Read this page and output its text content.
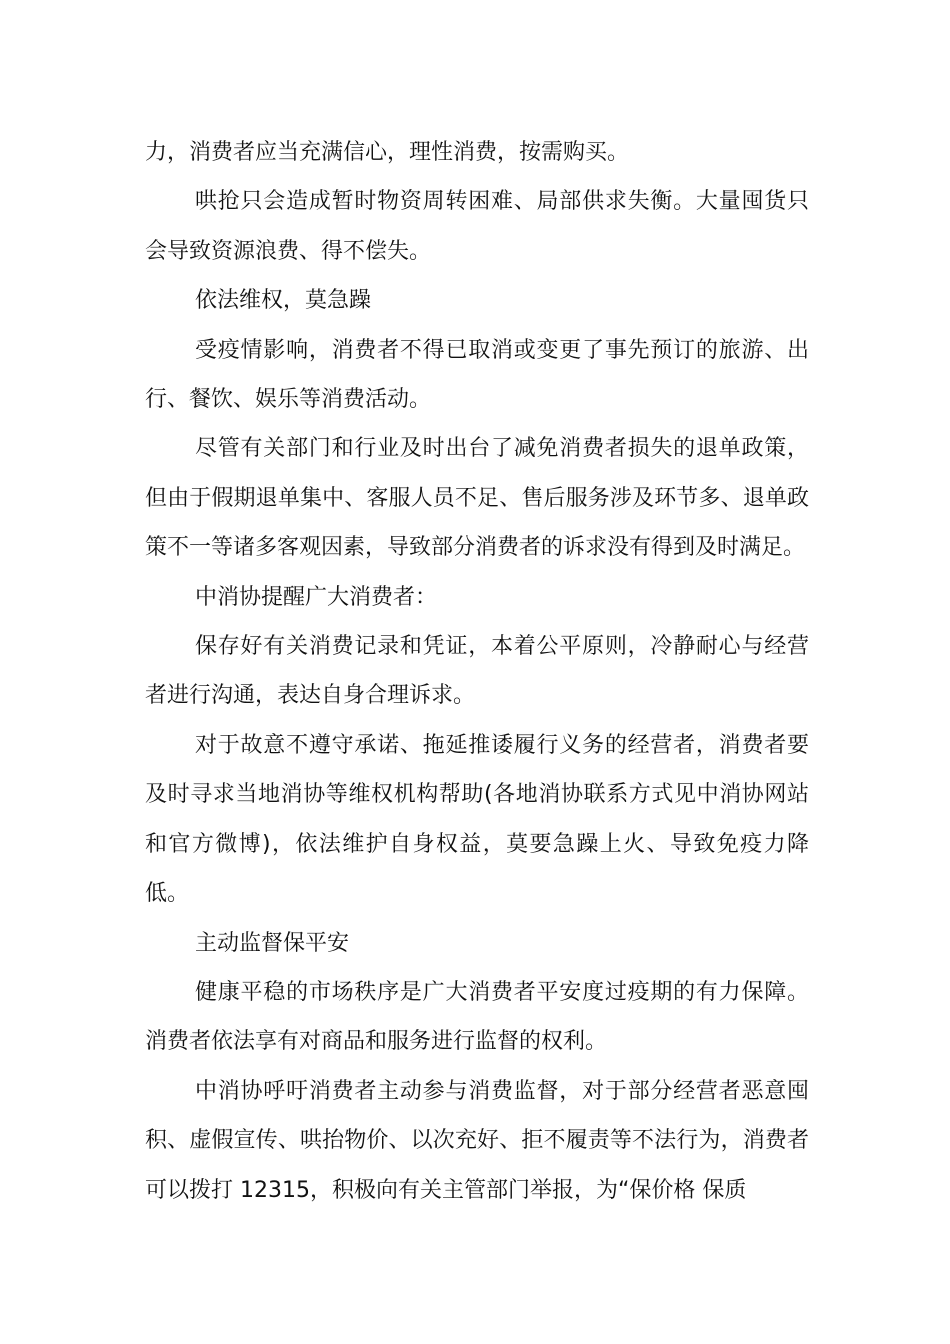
力，消费者应当充满信心，理性消费，按需购买。

哄抢只会造成暂时物资周转困难、局部供求失衡。大量囤货只会导致资源浪费、得不偿失。

依法维权，莫急躁

受疫情影响，消费者不得已取消或变更了事先预订的旅游、出行、餐饮、娱乐等消费活动。

尽管有关部门和行业及时出台了减免消费者损失的退单政策，但由于假期退单集中、客服人员不足、售后服务涉及环节多、退单政策不一等诸多客观因素，导致部分消费者的诉求没有得到及时满足。

中消协提醒广大消费者：

保存好有关消费记录和凭证，本着公平原则，冷静耐心与经营者进行沟通，表达自身合理诉求。

对于故意不遵守承诺、拖延推诿履行义务的经营者，消费者要及时寻求当地消协等维权机构帮助(各地消协联系方式见中消协网站和官方微博)，依法维护自身权益，莫要急躁上火、导致免疫力降低。

主动监督保平安

健康平稳的市场秩序是广大消费者平安度过疫期的有力保障。消费者依法享有对商品和服务进行监督的权利。

中消协呼吁消费者主动参与消费监督，对于部分经营者恶意囤积、虚假宣传、哄抬物价、以次充好、拒不履责等不法行为，消费者可以拨打 12315，积极向有关主管部门举报，为“保价格 保质
